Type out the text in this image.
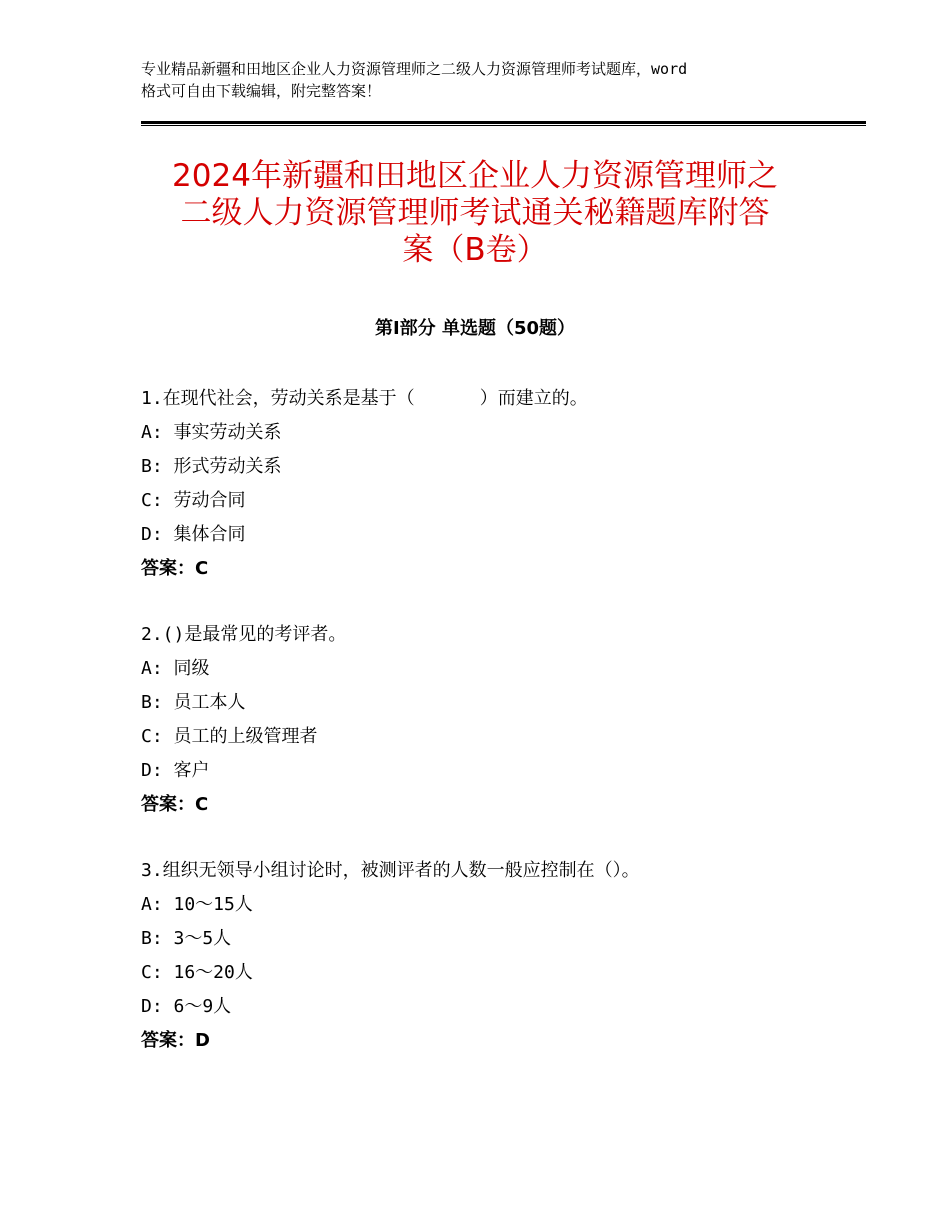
专业精品新疆和田地区企业人力资源管理师之二级人力资源管理师考试题库，word
格式可自由下载编辑，附完整答案！
2024年新疆和田地区企业人力资源管理师之
二级人力资源管理师考试通关秘籍题库附答
案（B卷）
第Ⅰ部分 单选题（50题）
1.在现代社会，劳动关系是基于（      ）而建立的。
A: 事实劳动关系
B: 形式劳动关系
C: 劳动合同
D: 集体合同
答案：C
2.()是最常见的考评者。
A: 同级
B: 员工本人
C: 员工的上级管理者
D: 客户
答案：C
3.组织无领导小组讨论时，被测评者的人数一般应控制在（）。
A: 10～15人
B: 3～5人
C: 16～20人
D: 6～9人
答案：D
